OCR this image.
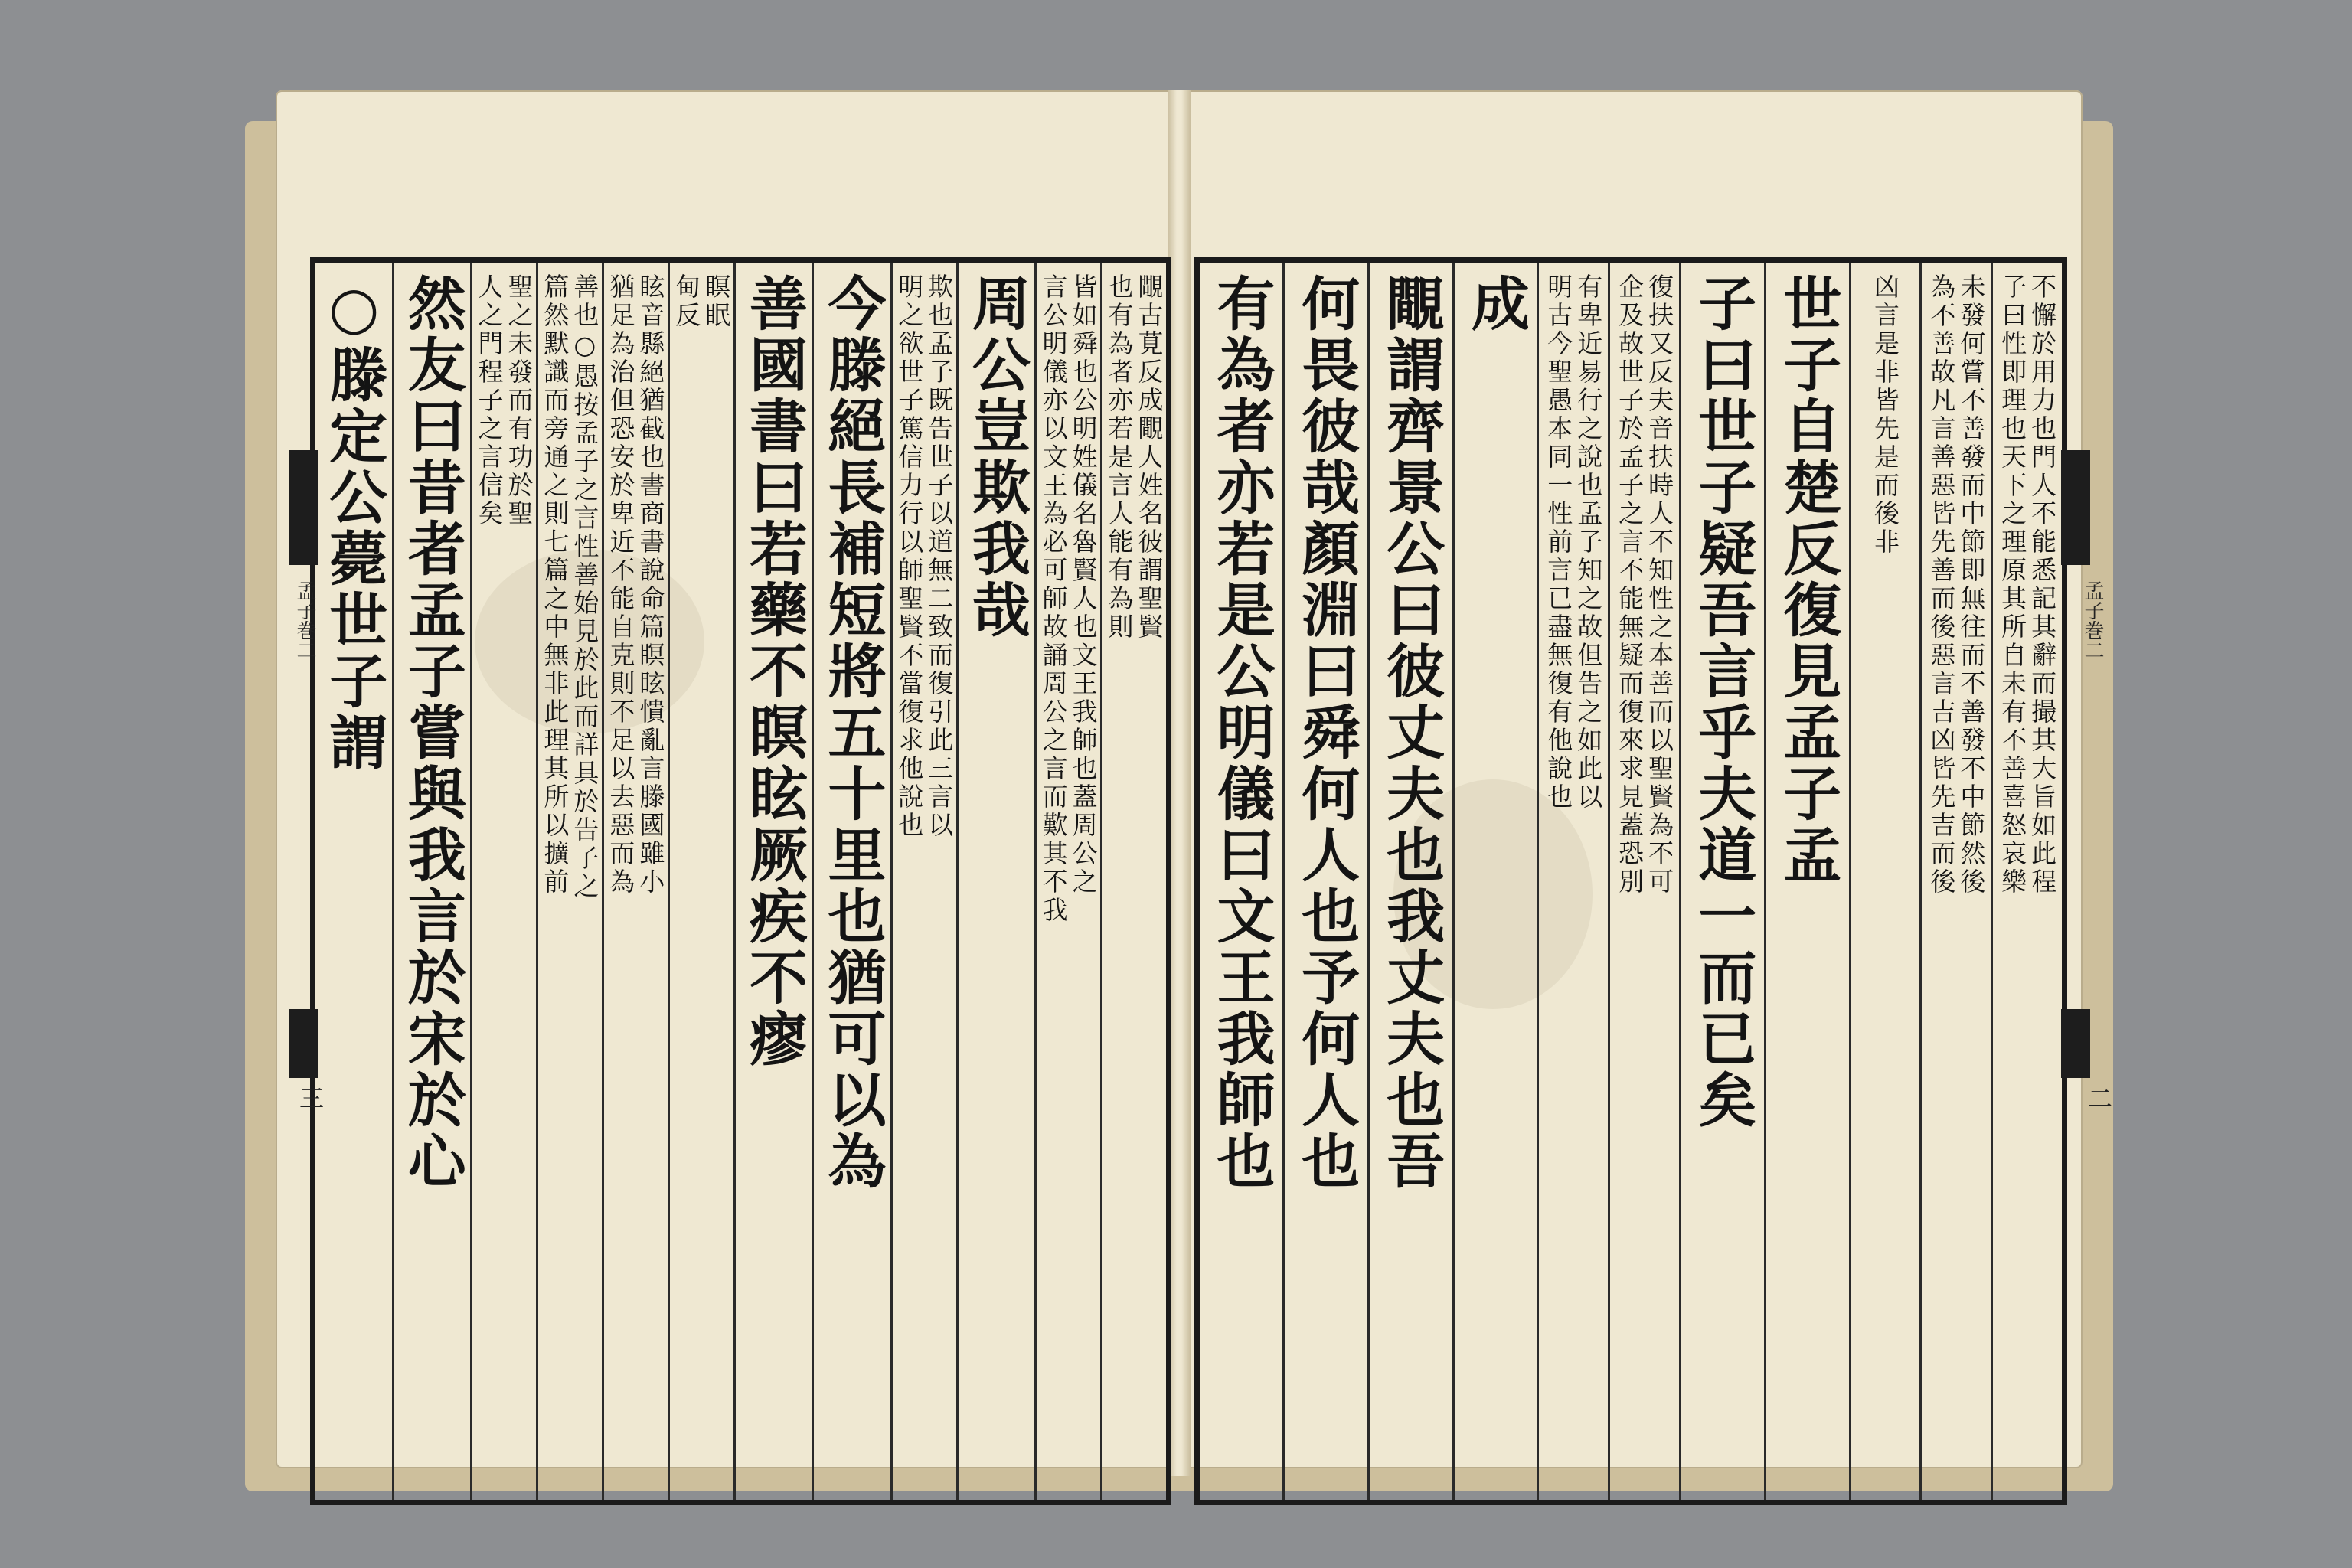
不懈於用力也門人不能悉記其辭而撮其大旨如此程
子曰性即理也天下之理原其所自未有不善喜怒哀樂
未發何嘗不善發而中節即無往而不善發不中節然後
為不善故凡言善惡皆先善而後惡言吉凶皆先吉而後
凶言是非皆先是而後非
世子自楚反復見孟子孟
子曰世子疑吾言乎夫道一而已矣
復扶又反夫音扶時人不知性之本善而以聖賢為不可
企及故世子於孟子之言不能無疑而復來求見蓋恐別
有卑近易行之說也孟子知之故但告之如此以
明古今聖愚本同一性前言已盡無復有他說也
成
覸謂齊景公曰彼丈夫也我丈夫也吾
何畏彼哉顏淵曰舜何人也予何人也
有為者亦若是公明儀曰文王我師也	孟子巻二
二
覸古莧反成覸人姓名彼謂聖賢
也有為者亦若是言人能有為則
皆如舜也公明姓儀名魯賢人也文王我師也蓋周公之
言公明儀亦以文王為必可師故誦周公之言而歎其不我
周公豈欺我哉
欺也孟子既告世子以道無二致而復引此三言以
明之欲世子篤信力行以師聖賢不當復求他說也
今滕絕長補短將五十里也猶可以為
善國書曰若藥不瞑眩厥疾不瘳
瞑眠
甸反
眩音縣絕猶截也書商書說命篇瞑眩憒亂言滕國雖小
猶足為治但恐安於卑近不能自克則不足以去惡而為
善也○愚按孟子之言性善始見於此而詳具於告子之
篇然默識而旁通之則七篇之中無非此理其所以擴前
聖之未發而有功於聖
人之門程子之言信矣
然友曰昔者孟子嘗與我言於宋於心
○滕定公薨世子謂
孟子巻二
三
